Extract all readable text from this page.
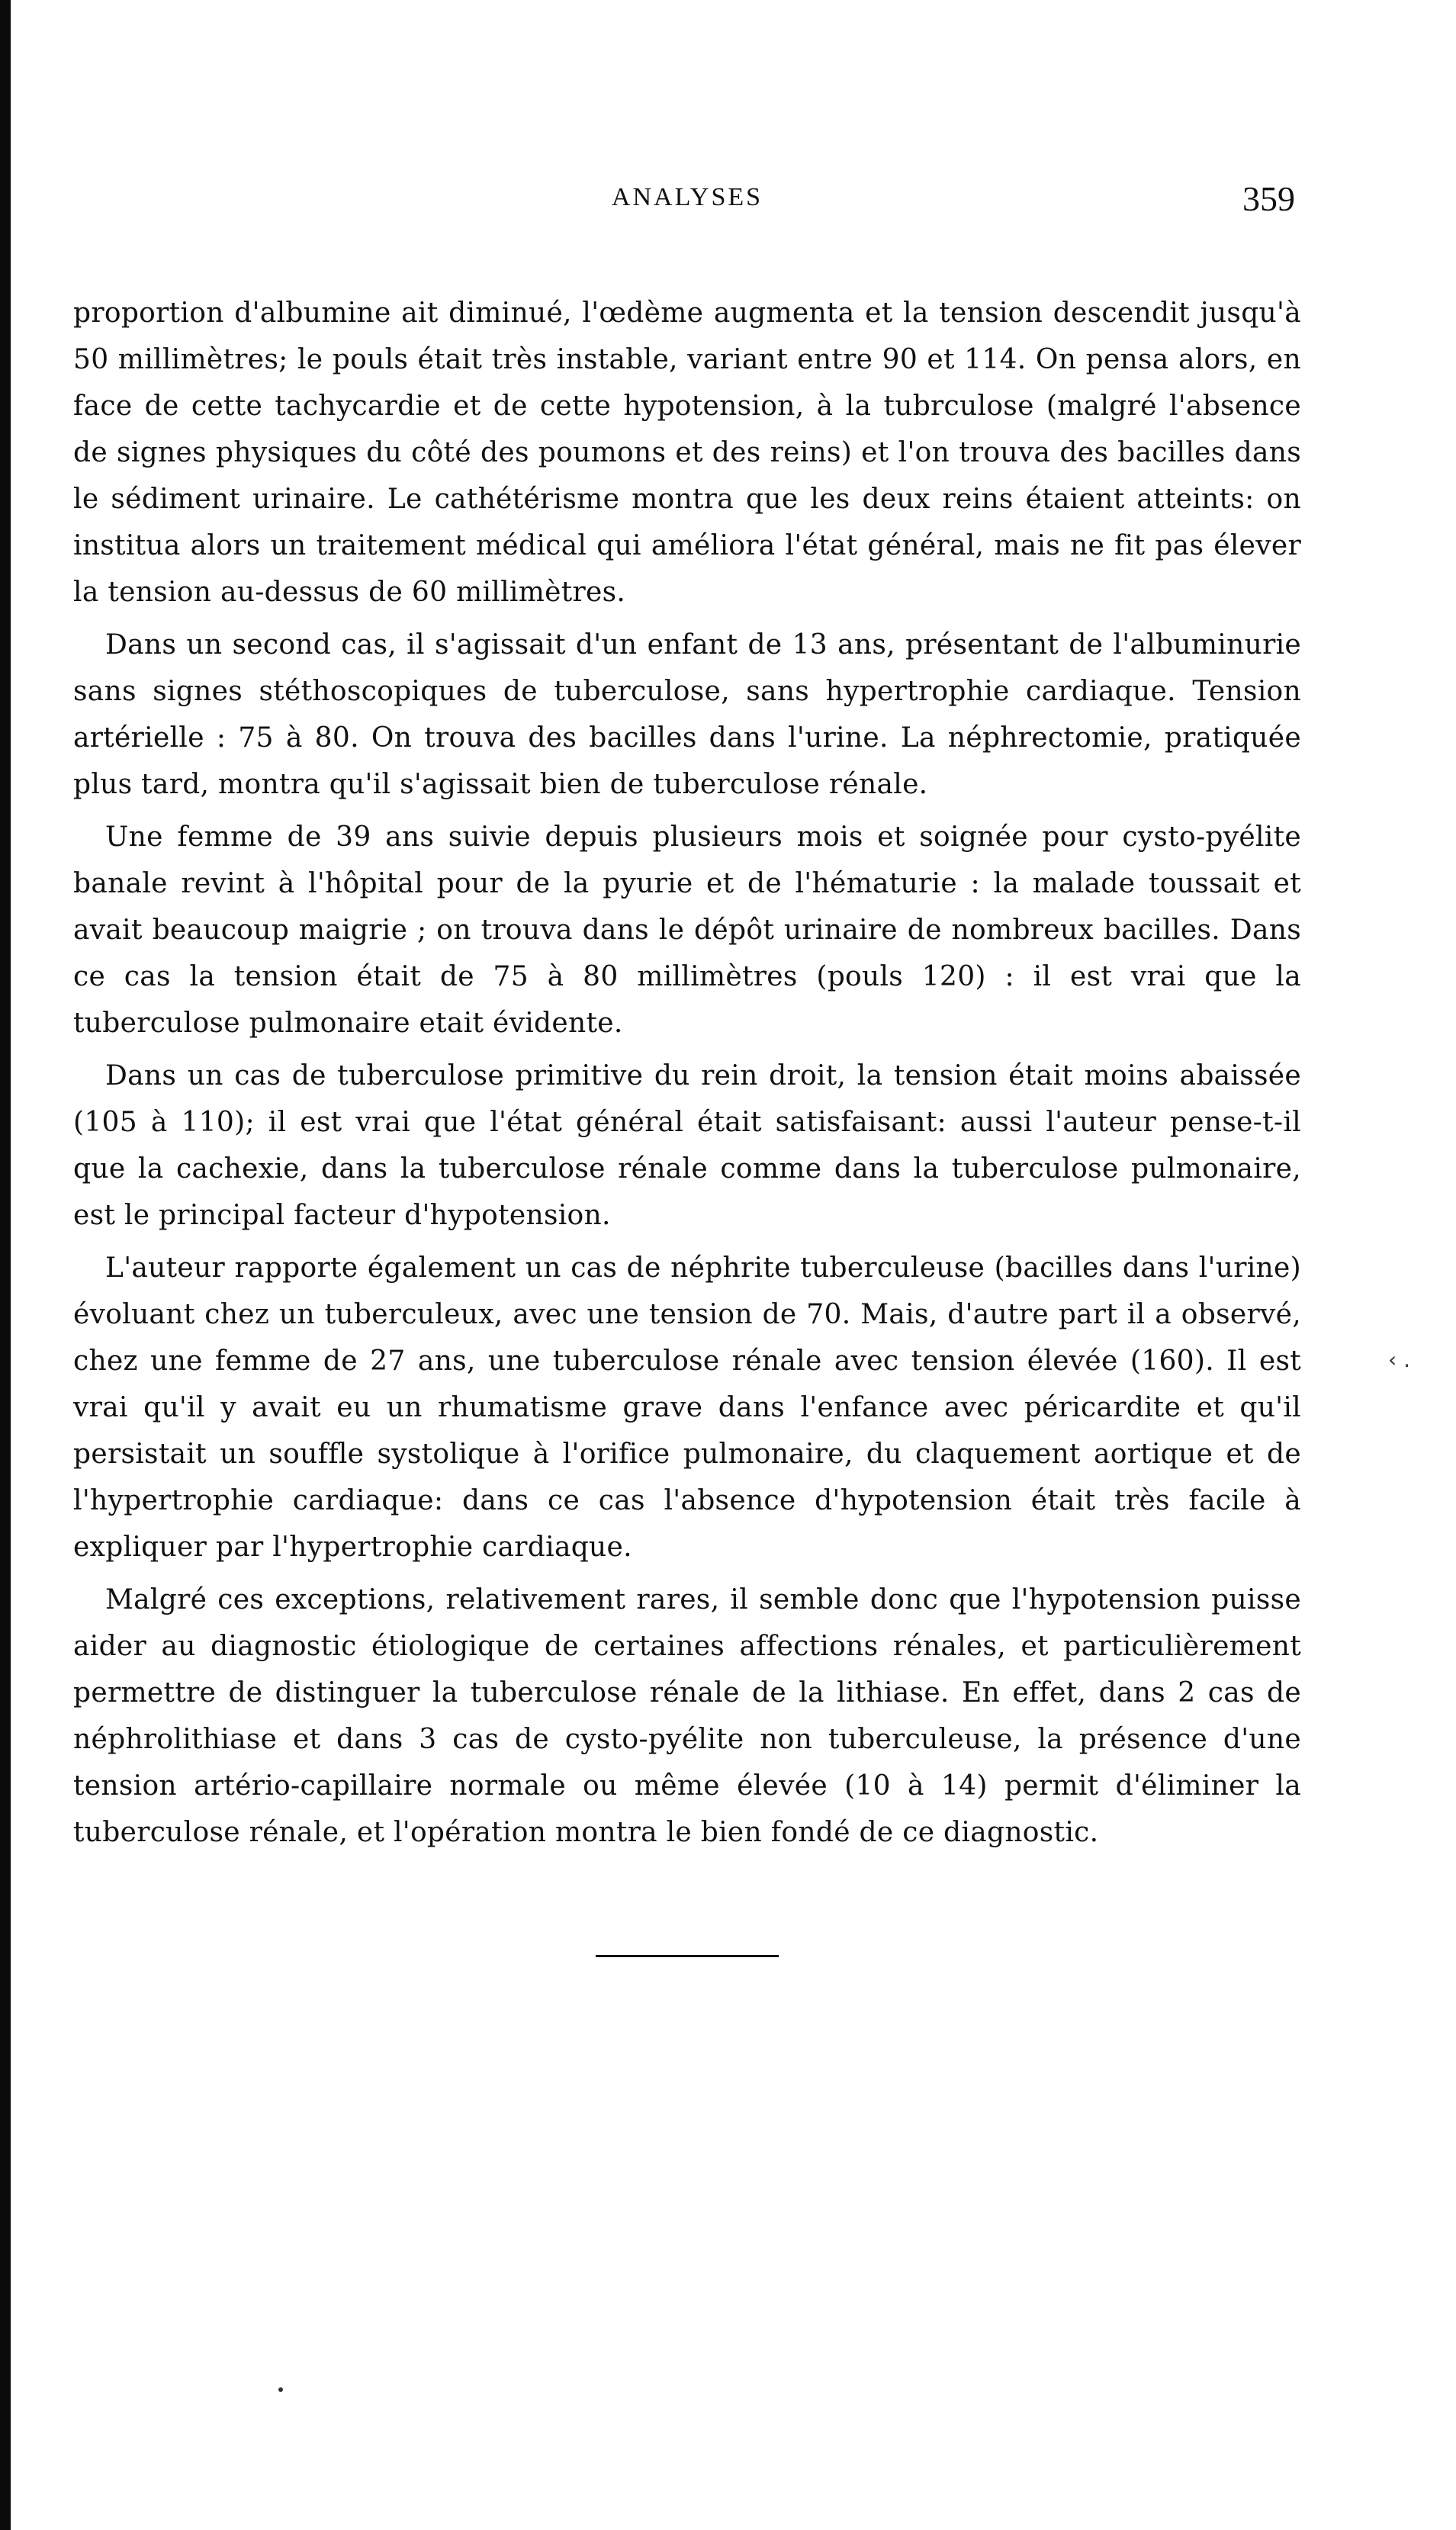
ANALYSES	359

proportion d'albumine ait diminué, l'œdème augmenta et la tension descendit jusqu'à 50 millimètres; le pouls était très instable, variant entre 90 et 114. On pensa alors, en face de cette tachycardie et de cette hypotension, à la tubrculose (malgré l'absence de signes physiques du côté des poumons et des reins) et l'on trouva des bacilles dans le sédiment urinaire. Le cathétérisme montra que les deux reins étaient atteints: on institua alors un traitement médical qui améliora l'état général, mais ne fit pas élever la tension au-dessus de 60 millimètres.

Dans un second cas, il s'agissait d'un enfant de 13 ans, présentant de l'albuminurie sans signes stéthoscopiques de tuberculose, sans hypertrophie cardiaque. Tension artérielle : 75 à 80. On trouva des bacilles dans l'urine. La néphrectomie, pratiquée plus tard, montra qu'il s'agissait bien de tuberculose rénale.

Une femme de 39 ans suivie depuis plusieurs mois et soignée pour cysto-pyélite banale revint à l'hôpital pour de la pyurie et de l'hématurie : la malade toussait et avait beaucoup maigrie ; on trouva dans le dépôt urinaire de nombreux bacilles. Dans ce cas la tension était de 75 à 80 millimètres (pouls 120) : il est vrai que la tuberculose pulmonaire etait évidente.

Dans un cas de tuberculose primitive du rein droit, la tension était moins abaissée (105 à 110); il est vrai que l'état général était satisfaisant: aussi l'auteur pense-t-il que la cachexie, dans la tuberculose rénale comme dans la tuberculose pulmonaire, est le principal facteur d'hypotension.

L'auteur rapporte également un cas de néphrite tuberculeuse (bacilles dans l'urine) évoluant chez un tuberculeux, avec une tension de 70. Mais, d'autre part il a observé, chez une femme de 27 ans, une tuberculose rénale avec tension élevée (160). Il est vrai qu'il y avait eu un rhumatisme grave dans l'enfance avec péricardite et qu'il persistait un souffle systolique à l'orifice pulmonaire, du claquement aortique et de l'hypertrophie cardiaque: dans ce cas l'absence d'hypotension était très facile à expliquer par l'hypertrophie cardiaque.

Malgré ces exceptions, relativement rares, il semble donc que l'hypotension puisse aider au diagnostic étiologique de certaines affections rénales, et particulièrement permettre de distinguer la tuberculose rénale de la lithiase. En effet, dans 2 cas de néphrolithiase et dans 3 cas de cysto-pyélite non tuberculeuse, la présence d'une tension artério-capillaire normale ou même élevée (10 à 14) permit d'éliminer la tuberculose rénale, et l'opération montra le bien fondé de ce diagnostic.

‹ .
